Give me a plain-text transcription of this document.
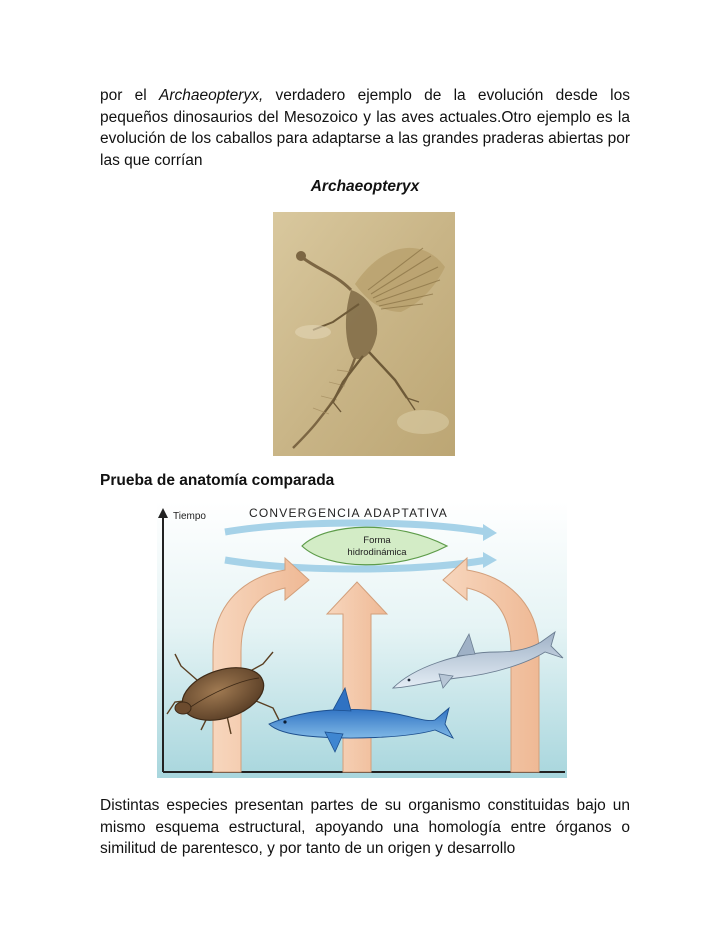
por el Archaeopteryx, verdadero ejemplo de la evolución desde los pequeños dinosaurios del Mesozoico y las aves actuales.Otro ejemplo es la evolución de los caballos para adaptarse a las grandes praderas abiertas por las que corrían

Archaeopteryx
Prueba de anatomía comparada
Tiempo	CONVERGENCIA ADAPTATIVA
Forma
hidrodinámica

Distintas especies presentan partes de su organismo constituidas bajo un mismo esquema estructural, apoyando una homología entre órganos o similitud de parentesco, y por tanto de un origen y desarrollo
